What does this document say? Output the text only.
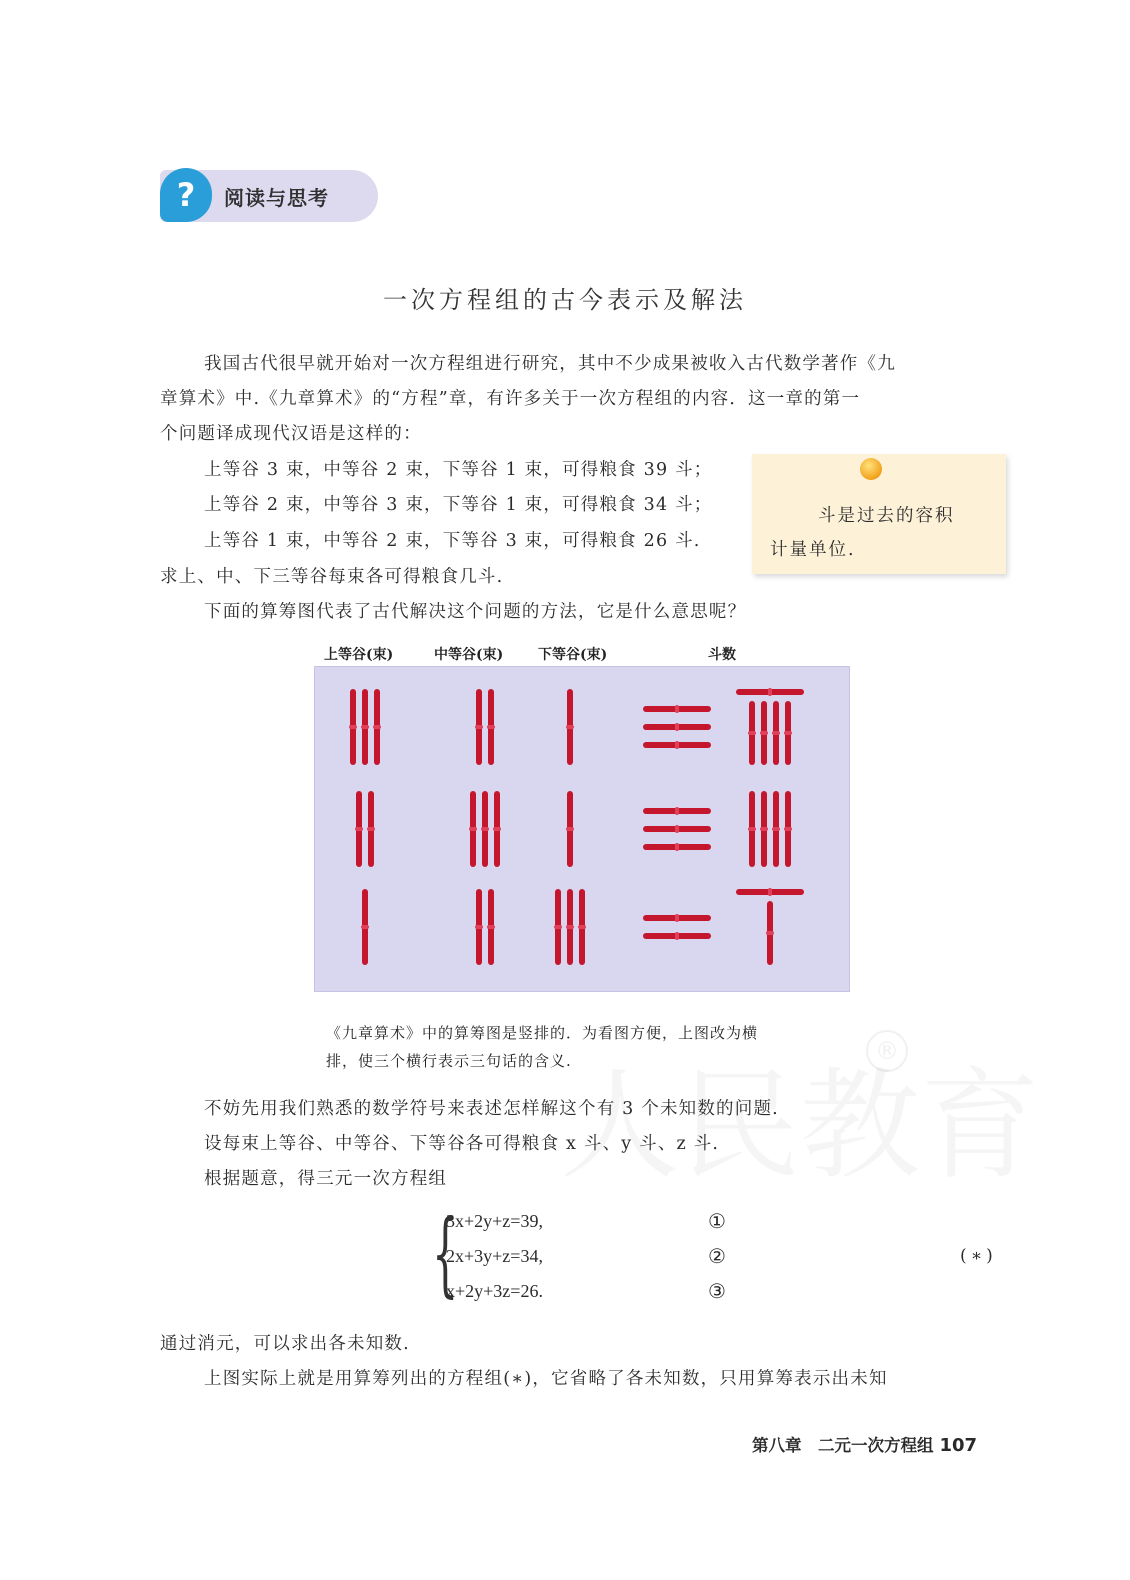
?	阅读与思考
一次方程组的古今表示及解法
我国古代很早就开始对一次方程组进行研究，其中不少成果被收入古代数学著作《九
章算术》中.《九章算术》的“方程”章，有许多关于一次方程组的内容．这一章的第一
个问题译成现代汉语是这样的：
上等谷 3 束，中等谷 2 束，下等谷 1 束，可得粮食 39 斗；
上等谷 2 束，中等谷 3 束，下等谷 1 束，可得粮食 34 斗；
上等谷 1 束，中等谷 2 束，下等谷 3 束，可得粮食 26 斗.
求上、中、下三等谷每束各可得粮食几斗.
下面的算筹图代表了古代解决这个问题的方法，它是什么意思呢？
斗是过去的容积
计量单位.
上等谷(束)	中等谷(束) 下等谷(束)	斗数
《九章算术》中的算筹图是竖排的．为看图方便，上图改为横
排，使三个横行表示三句话的含义.	®
不妨先用我们熟悉的数学符号来表述怎样解这个有 3 个未知数的问题.
设每束上等谷、中等谷、下等谷各可得粮食 x 斗、y 斗、z 斗.
根据题意，得三元一次方程组
{
3x+2y+z=39,
2x+3y+z=34,
x+2y+3z=26.
①
②
③
(∗)
通过消元，可以求出各未知数.
上图实际上就是用算筹列出的方程组(∗)，它省略了各未知数，只用算筹表示出未知
第八章　二元一次方程组 107
